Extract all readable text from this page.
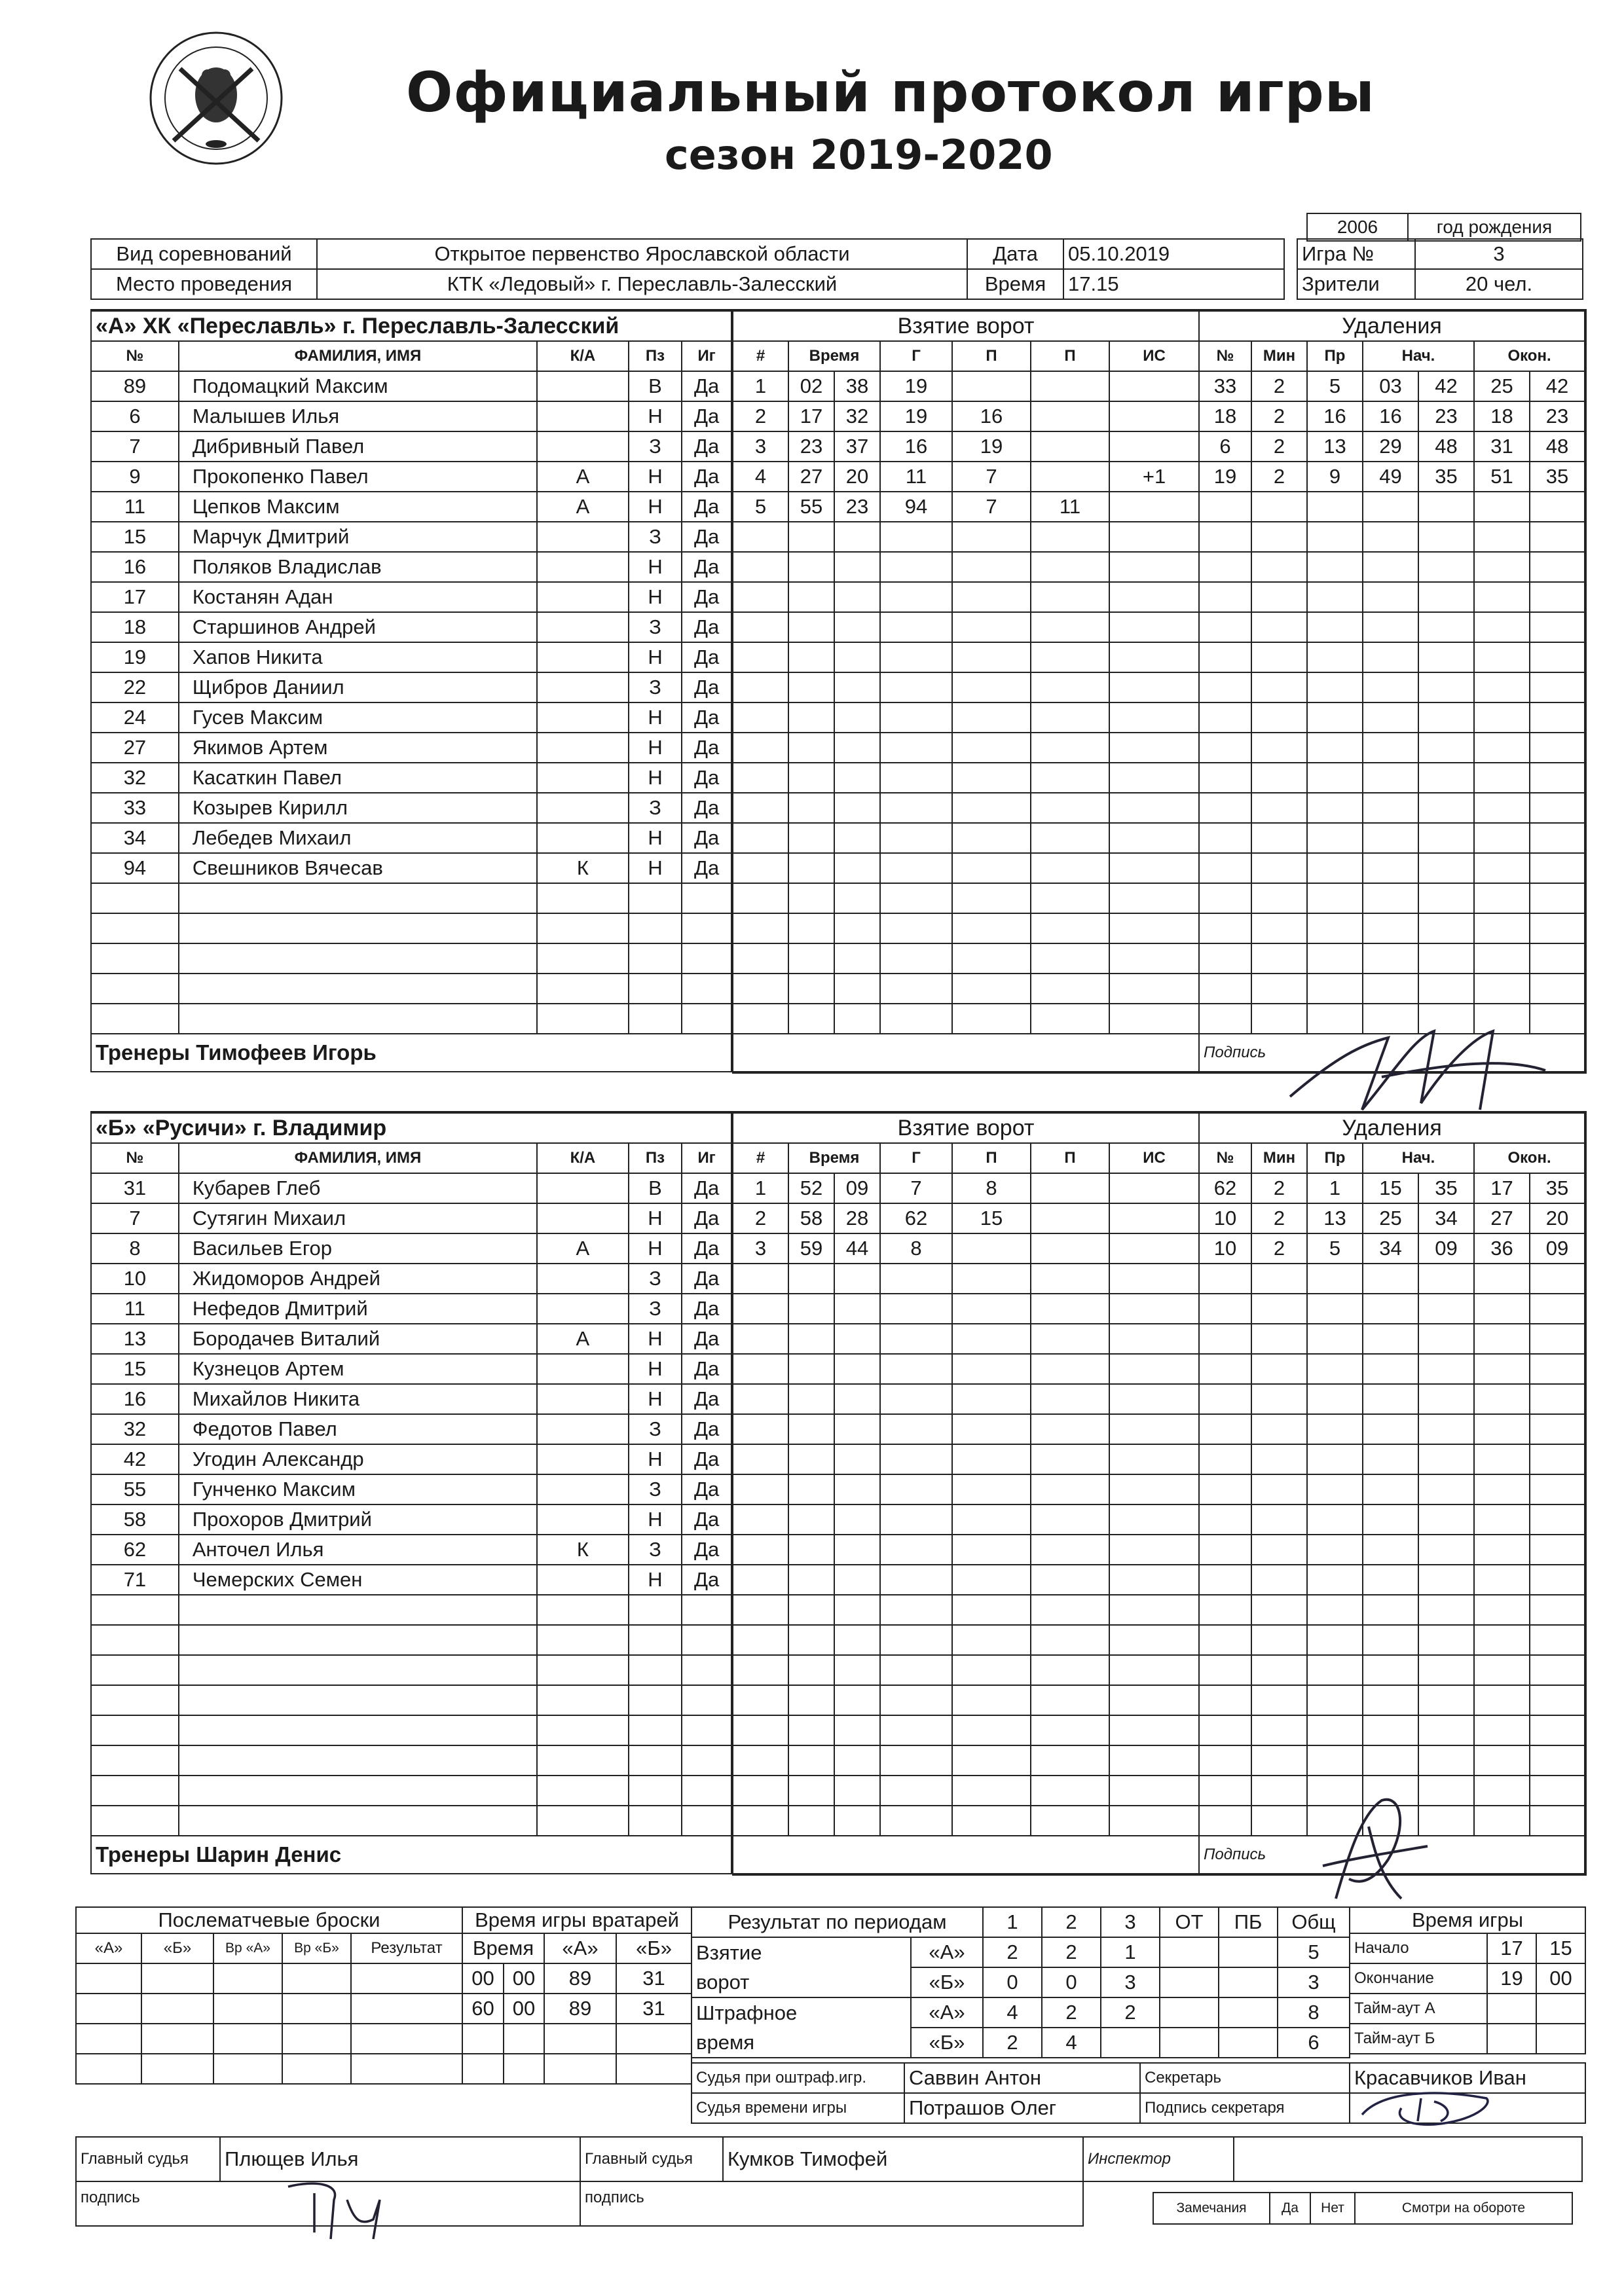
Официальный протокол игры
сезон 2019-2020
2006	год рождения
Вид соревнований	Открытое первенство Ярославской области	Дата	05.10.2019		Игра №	3
Место проведения	КТК «Ледовый» г. Переславль-Залесский	Время	17.15		Зрители	20 чел.
«А» ХК «Переславль» г. Переславль-Залесский				
№	ФАМИЛИЯ, ИМЯ	К/А	Пз	Иг
89	Подомацкий Максим		В	Да
6	Малышев Илья		Н	Да
7	Дибривный Павел		З	Да
9	Прокопенко Павел	А	Н	Да
11	Цепков Максим	А	Н	Да
15	Марчук Дмитрий		З	Да
16	Поляков Владислав		Н	Да
17	Костанян Адан		Н	Да
18	Старшинов Андрей		З	Да
19	Хапов Никита		Н	Да
22	Щибров Даниил		З	Да
24	Гусев Максим		Н	Да
27	Якимов Артем		Н	Да
32	Касаткин Павел		Н	Да
33	Козырев Кирилл		З	Да
34	Лебедев Михаил		Н	Да
94	Свешников Вячесав	К	Н	Да

Тренеры Тимофеев Игорь				
Взятие ворот						
#	Время		Г	П	П	ИС
1	02	38	19			
2	17	32	19	16		
3	23	37	16	19		
4	27	20	11	7		+1
5	55	23	94	7	11	

Удаления						
№	Мин	Пр	Нач.		Окон.	
33	2	5	03	42	25	42
18	2	16	16	23	18	23
6	2	13	29	48	31	48
19	2	9	49	35	51	35

Подпись						
«Б» «Русичи» г. Владимир				
№	ФАМИЛИЯ, ИМЯ	К/А	Пз	Иг
31	Кубарев Глеб		В	Да
7	Сутягин Михаил		Н	Да
8	Васильев Егор	А	Н	Да
10	Жидоморов Андрей		З	Да
11	Нефедов Дмитрий		З	Да
13	Бородачев Виталий	А	Н	Да
15	Кузнецов Артем		Н	Да
16	Михайлов Никита		Н	Да
32	Федотов Павел		З	Да
42	Угодин Александр		Н	Да
55	Гунченко Максим		З	Да
58	Прохоров Дмитрий		Н	Да
62	Анточел Илья	К	З	Да
71	Чемерских Семен		Н	Да

Тренеры Шарин Денис				
Взятие ворот						
#	Время		Г	П	П	ИС
1	52	09	7	8		
2	58	28	62	15		
3	59	44	8			

Удаления						
№	Мин	Пр	Нач.		Окон.	
62	2	1	15	35	17	35
10	2	13	25	34	27	20
10	2	5	34	09	36	09

Подпись						
Послематчевые броски				
«А»	«Б»	Вр «А»	Вр «Б»	Результат

Время игры вратарей			
Время		«А»	«Б»
00	00	89	31
60	00	89	31

Результат по периодам		1	2	3	ОТ	ПБ	Общ
Взятие	«А»	2	2	1			5
ворот	«Б»	0	0	3			3
Штрафное	«А»	4	2	2			8
время	«Б»	2	4				6
Время игры		
Начало	17	15
Окончание	19	00
Тайм-аут А		
Тайм-аут Б		
Судья при оштраф.игр.	Саввин Антон	Секретарь	Красавчиков Иван
Судья времени игры	Потрашов Олег	Подпись секретаря	
Главный судья	Плющев Илья	Главный судья	Кумков Тимофей	Инспектор	
подпись		подпись			
Замечания	Да	Нет	Смотри на обороте
